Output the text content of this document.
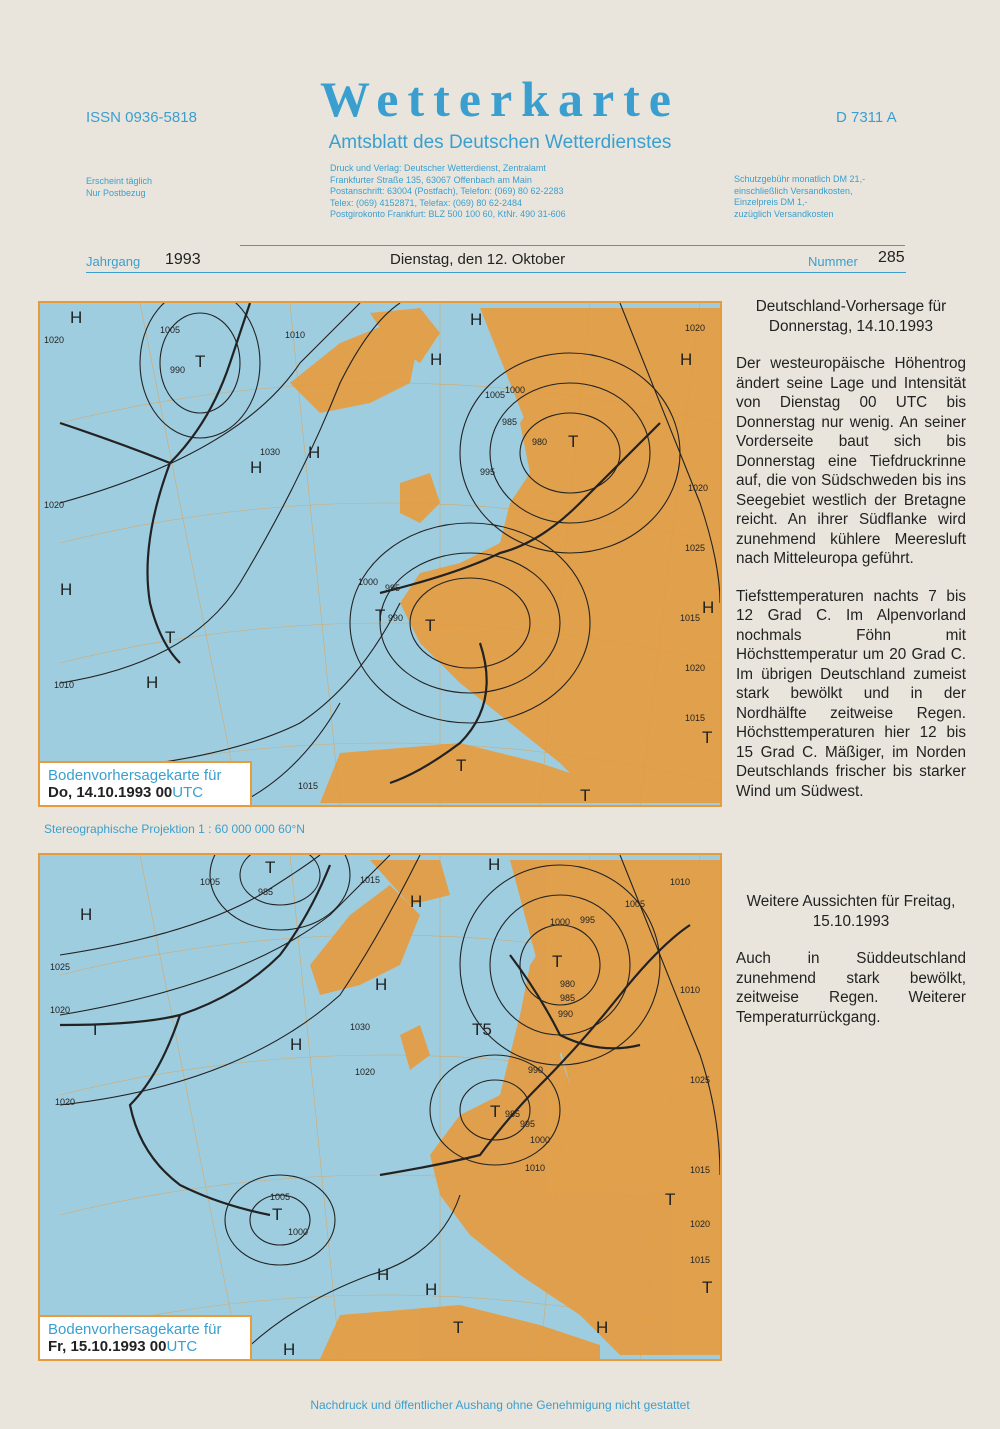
Wetterkarte
ISSN 0936-5818	D 7311 A
Amtsblatt des Deutschen Wetterdienstes
Erscheint täglich
Nur Postbezug
Druck und Verlag: Deutscher Wetterdienst, Zentralamt
Frankfurter Straße 135, 63067 Offenbach am Main
Postanschrift: 63004 (Postfach), Telefon: (069) 80 62-2283
Telex: (069) 4152871, Telefax: (069) 80 62-2484
Postgirokonto Frankfurt: BLZ 500 100 60, KtNr. 490 31-606
Schutzgebühr monatlich DM 21,-
einschließlich Versandkosten,
Einzelpreis DM 1,-
zuzüglich Versandkosten
Jahrgang 1993	Dienstag, den 12. Oktober	Nummer 285
H	H
H	H
H
H
H
H
H
T
T
T
T
T
T
T
T
1005	1010
1020
990
1030
1005 1000
985
980
995
1020
1025
1020
1000
995
990
1020
1015
1015
1015
1020
1010
Bodenvorhersagekarte für
Do, 14.10.1993 00UTC
Stereographische Projektion 1 : 60 000 000 60°N
H
H
H
H
H
H
H
H
H
T
T
T
T
T
T
T
T
T5
1005
985
1015
1025
1020
1030
1020
1020
1000 995
1005
1010
980
985
990
1010
990
985
995
1000
1010
1005
1000
1025
1020
1015
1015
Bodenvorhersagekarte für
Fr, 15.10.1993 00UTC
Deutschland-Vorhersage für Donnerstag, 14.10.1993

Der westeuropäische Höhentrog ändert seine Lage und Intensität von Dienstag 00 UTC bis Donnerstag nur wenig. An seiner Vorderseite baut sich bis Donnerstag eine Tiefdruckrinne auf, die von Südschweden bis ins Seegebiet westlich der Bretagne reicht. An ihrer Südflanke wird zunehmend kühlere Meeresluft nach Mitteleuropa geführt.

Tiefsttemperaturen nachts 7 bis 12 Grad C. Im Alpenvorland nochmals Föhn mit Höchsttemperatur um 20 Grad C. Im übrigen Deutschland zumeist stark bewölkt und in der Nordhälfte zeitweise Regen. Höchsttemperaturen hier 12 bis 15 Grad C. Mäßiger, im Norden Deutschlands frischer bis starker Wind um Südwest.

Weitere Aussichten für Freitag, 15.10.1993

Auch in Süddeutschland zunehmend stark bewölkt, zeitweise Regen. Weiterer Temperaturrückgang.

Nachdruck und öffentlicher Aushang ohne Genehmigung nicht gestattet
